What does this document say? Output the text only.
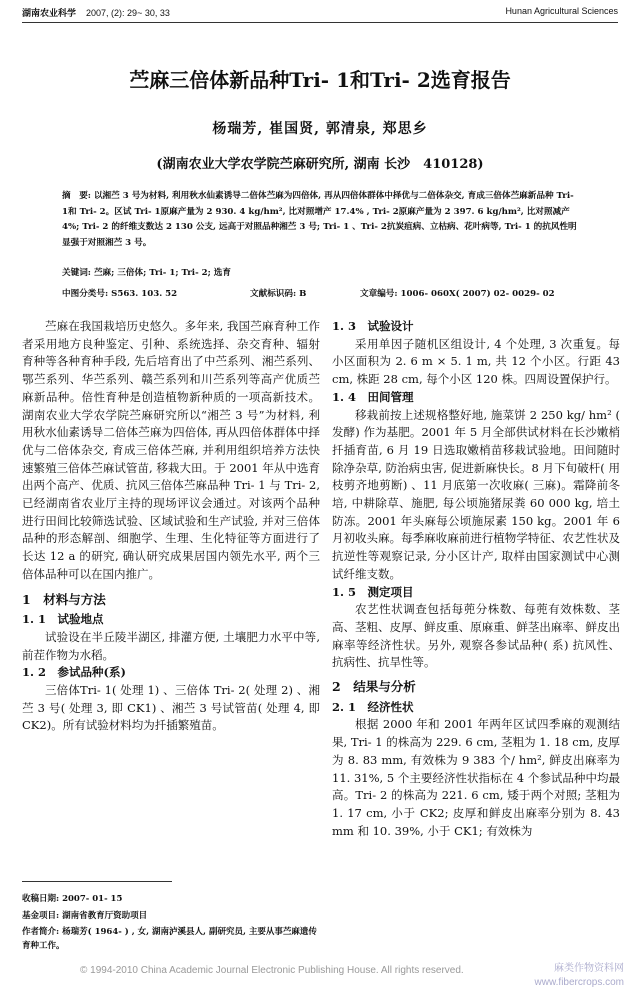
湖南农业科学 2007, (2): 29~ 30, 33	Hunan Agricultural Sciences
苎麻三倍体新品种Tri- 1和Tri- 2选育报告
杨瑞芳, 崔国贤, 郭清泉, 郑思乡
(湖南农业大学农学院苎麻研究所, 湖南 长沙　410128)
摘　要: 以湘苎 3 号为材料, 利用秋水仙素诱导二倍体苎麻为四倍体, 再从四倍体群体中择优与二倍体杂交, 育成三倍体苎麻新品种 Tri- 1和 Tri- 2。区试 Tri- 1原麻产量为 2 930. 4 kg/hm², 比对照增产 17.4% , Tri- 2原麻产量为 2 397. 6 kg/hm², 比对照减产 4%; Tri- 2 的纤维支数达 2 130 公支, 远高于对照品种湘苎 3 号; Tri- 1 、Tri- 2抗炭疽病、立枯病、花叶病等, Tri- 1 的抗风性明显强于对照湘苎 3 号。
关键词: 苎麻; 三倍体; Tri- 1; Tri- 2; 选育
中图分类号: S563. 103. 52	文献标识码: B	文章编号: 1006- 060X( 2007) 02- 0029- 02

苎麻在我国栽培历史悠久。多年来, 我国苎麻育种工作者采用地方良种鉴定、引种、系统选择、杂交育种、辐射育种等各种育种手段, 先后培育出了中苎系列、湘苎系列、鄂苎系列、华苎系列、赣苎系列和川苎系列等高产优质苎麻新品种。倍性育种是创造植物新种质的一项高新技术。湖南农业大学农学院苎麻研究所以“湘苎 3 号”为材料, 利用秋水仙素诱导二倍体苎麻为四倍体, 再从四倍体群体中择优与二倍体杂交, 育成三倍体苎麻, 并利用组织培养方法快速繁殖三倍体苎麻试管苗, 移栽大田。于 2001 年从中选育出两个高产、优质、抗风三倍体苎麻品种 Tri- 1 与 Tri- 2, 已经湖南省农业厅主持的现场评议会通过。对该两个品种进行田间比较筛选试验、区域试验和生产试验, 并对三倍体品种的形态解剖、细胞学、生理、生化特征等方面进行了长达 12 a 的研究, 确认研究成果居国内领先水平, 两个三倍体品种可以在国内推广。

1　材料与方法
1. 1　试验地点

试验设在半丘陵半湖区, 排灌方便, 土壤肥力水平中等, 前茬作物为水稻。

1. 2　参试品种(系)

三倍体Tri- 1( 处理 1) 、三倍体 Tri- 2( 处理 2) 、湘苎 3 号( 处理 3, 即 CK1) 、湘苎 3 号试管苗( 处理 4, 即 CK2)。所有试验材料均为扦插繁殖苗。

收稿日期: 2007- 01- 15
基金项目: 湖南省教育厅资助项目
作者简介: 杨瑞芳( 1964- ) , 女, 湖南泸溪县人, 副研究员, 主要从事苎麻遗传育种工作。
1. 3　试验设计

采用单因子随机区组设计, 4 个处理, 3 次重复。每小区面积为 2. 6 m × 5. 1 m, 共 12 个小区。行距 43 cm, 株距 28 cm, 每个小区 120 株。四周设置保护行。

1. 4　田间管理

移栽前按上述规格整好地, 施菜饼 2 250 kg/ hm² ( 发酵) 作为基肥。2001 年 5 月全部供试材料在长沙嫩梢扦插育苗, 6 月 19 日选取嫩梢苗移栽试验地。田间随时除净杂草, 防治病虫害, 促进新麻快长。8 月下旬破杆( 用枝剪齐地剪断) 、11 月底第一次收麻( 三麻)。霜降前冬培, 中耕除草、施肥, 每公顷施猪尿粪 60 000 kg, 培土防冻。2001 年头麻每公顷施尿素 150 kg。2001 年 6 月初收头麻。每季麻收麻前进行植物学特征、农艺性状及抗逆性等观察记录, 分小区计产, 取样由国家测试中心测试纤维支数。

1. 5　测定项目

农艺性状调查包括每蔸分株数、每蔸有效株数、茎高、茎粗、皮厚、鲜皮重、原麻重、鲜茎出麻率、鲜皮出麻率等经济性状。另外, 观察各参试品种( 系) 抗风性、抗病性、抗旱性等。

2　结果与分析
2. 1　经济性状

根据 2000 年和 2001 年两年区试四季麻的观测结果, Tri- 1 的株高为 229. 6 cm, 茎粗为 1. 18 cm, 皮厚为 8. 83 mm, 有效株为 9 383 个/ hm², 鲜皮出麻率为 11. 31%, 5 个主要经济性状指标在 4 个参试品种中均最高。Tri- 2 的株高为 221. 6 cm, 矮于两个对照; 茎粗为 1. 17 cm, 小于 CK2; 皮厚和鲜皮出麻率分别为 8. 43 mm 和 10. 39%, 小于 CK1; 有效株为

© 1994-2010 China Academic Journal Electronic Publishing House. All rights reserved.	麻类作物资料网
www.fibercrops.com
